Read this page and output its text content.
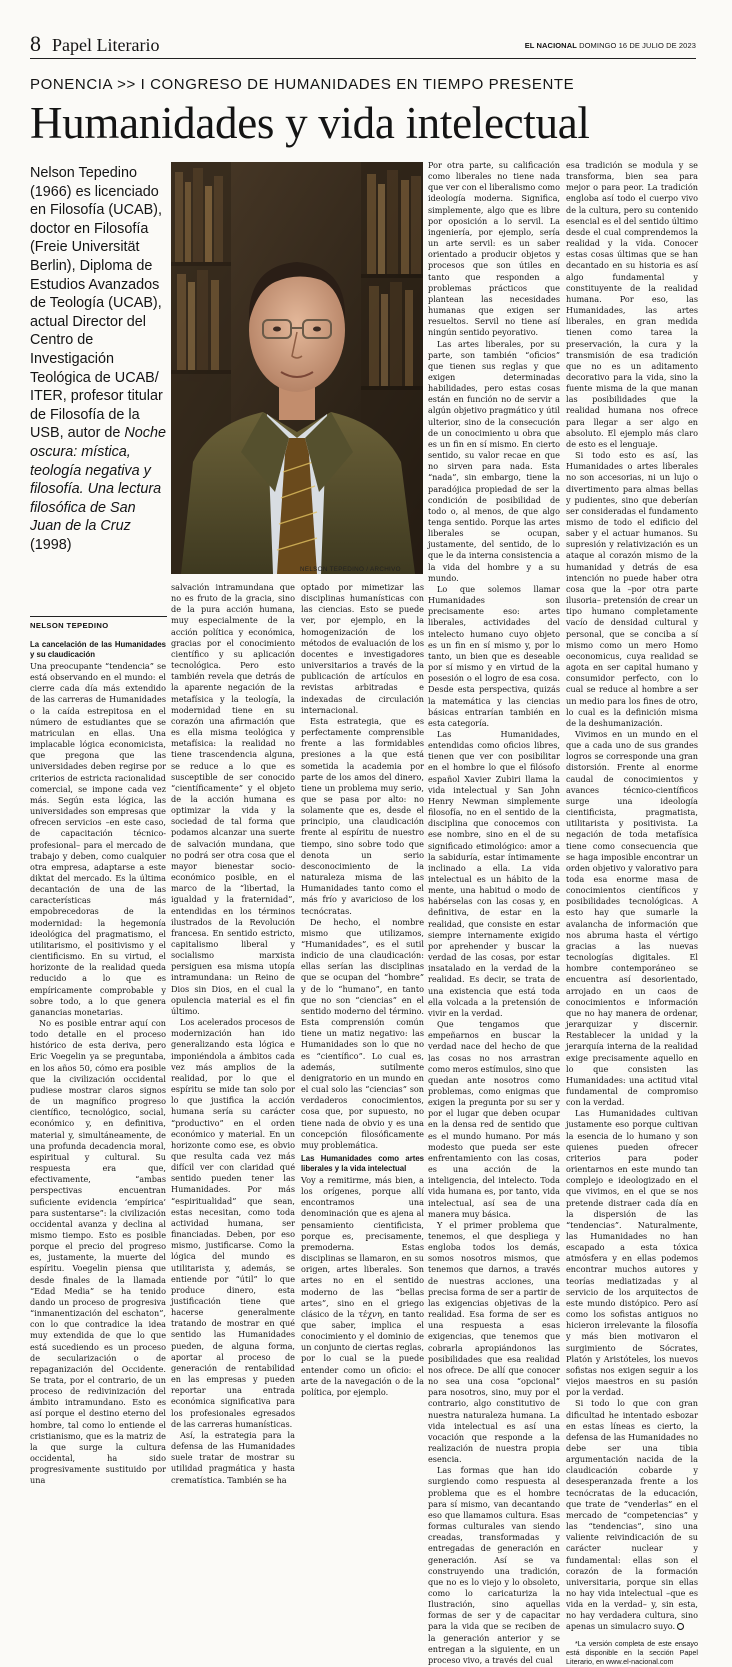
8 Papel Literario	EL NACIONAL DOMINGO 16 DE JULIO DE 2023
PONENCIA >> I CONGRESO DE HUMANIDADES EN TIEMPO PRESENTE
Humanidades y vida intelectual
Nelson Tepedino (1966) es licenciado en Filosofía (UCAB), doctor en Filosofía (Freie Universität Berlin), Diploma de Estudios Avanzados de Teología (UCAB), actual Director del Centro de Investigación Teológica de UCAB/ ITER, profesor titular de Filosofía de la USB, autor de Noche oscura: mística, teología negativa y filosofía. Una lectura filosófica de San Juan de la Cruz (1998)
NELSON TEPEDINO
NELSON TEPEDINO / ARCHIVO

La cancelación de las Humanidades y su claudicación

Una preocupante “tendencia” se está observando en el mundo: el cierre cada día más extendido de las carreras de Humanidades o la caída estrepitosa en el número de estudiantes que se matriculan en ellas. Una implacable lógica economicista, que pregona que las universidades deben regirse por criterios de estricta racionalidad comercial, se impone cada vez más. Según esta lógica, las universidades son empresas que ofrecen servicios –en este caso, de capacitación técnico-profesional– para el mercado de trabajo y deben, como cualquier otra empresa, adaptarse a este diktat del mercado. Es la última decantación de una de las características más empobrecedoras de la modernidad: la hegemonía ideológica del pragmatismo, el utilitarismo, el positivismo y el cientificismo. En su virtud, el horizonte de la realidad queda reducido a lo que es empíricamente comprobable y sobre todo, a lo que genera ganancias monetarias.

No es posible entrar aquí con todo detalle en el proceso histórico de esta deriva, pero Eric Voegelin ya se preguntaba, en los años 50, cómo era posible que la civilización occidental pudiese mostrar claros signos de un magnífico progreso científico, tecnológico, social, económico y, en definitiva, material y, simultáneamente, de una profunda decadencia moral, espiritual y cultural. Su respuesta era que, efectivamente, “ambas perspectivas encuentran suficiente evidencia ‘empírica’ para sustentarse”: la civilización occidental avanza y declina al mismo tiempo. Esto es posible porque el precio del progreso es, justamente, la muerte del espíritu. Voegelin piensa que desde finales de la llamada “Edad Media” se ha tenido dando un proceso de progresiva “inmanentización del eschaton”, con lo que contradice la idea muy extendida de que lo que está sucediendo es un proceso de secularización o de repaganización del Occidente. Se trata, por el contrario, de un proceso de redivinización del ámbito intramundano. Esto es así porque el destino eterno del hombre, tal como lo entiende el cristianismo, que es la matriz de la que surge la cultura occidental, ha sido progresivamente sustituido por una

salvación intramundana que no es fruto de la gracia, sino de la pura acción humana, muy especialmente de la acción política y económica, gracias por el conocimiento científico y su aplicación tecnológica. Pero esto también revela que detrás de la aparente negación de la metafísica y la teología, la modernidad tiene en su corazón una afirmación que es ella misma teológica y metafísica: la realidad no tiene trascendencia alguna, se reduce a lo que es susceptible de ser conocido “científicamente” y el objeto de la acción humana es optimizar la vida y la sociedad de tal forma que podamos alcanzar una suerte de salvación mundana, que no podrá ser otra cosa que el mayor bienestar socio-económico posible, en el marco de la “libertad, la igualdad y la fraternidad”, entendidas en los términos ilustrados de la Revolución francesa. En sentido estricto, capitalismo liberal y socialismo marxista persiguen esa misma utopía intramundana: un Reino de Dios sin Dios, en el cual la opulencia material es el fin último.

Los acelerados procesos de modernización han ido generalizando esta lógica e imponiéndola a ámbitos cada vez más amplios de la realidad, por lo que el espíritu se mide tan solo por lo que justifica la acción humana sería su carácter “productivo” en el orden económico y material. En un horizonte como ese, es obvio que resulta cada vez más difícil ver con claridad qué sentido pueden tener las Humanidades. Por más “espiritualidad” que sean, estas necesitan, como toda actividad humana, ser financiadas. Deben, por eso mismo, justificarse. Como la lógica del mundo es utilitarista y, además, se entiende por “útil” lo que produce dinero, esta justificación tiene que hacerse generalmente tratando de mostrar en qué sentido las Humanidades pueden, de alguna forma, aportar al proceso de generación de rentabilidad en las empresas y pueden reportar una entrada económica significativa para los profesionales egresados de las carreras humanísticas.

Así, la estrategia para la defensa de las Humanidades suele tratar de mostrar su utilidad pragmática y hasta crematística. También se ha

optado por mimetizar las disciplinas humanísticas con las ciencias. Esto se puede ver, por ejemplo, en la homogenización de los métodos de evaluación de los docentes e investigadores universitarios a través de la publicación de artículos en revistas arbitradas e indexadas de circulación internacional.

Esta estrategia, que es perfectamente comprensible frente a las formidables presiones a la que está sometida la academia por parte de los amos del dinero, tiene un problema muy serio, que se pasa por alto: no solamente que es, desde el principio, una claudicación frente al espíritu de nuestro tiempo, sino sobre todo que denota un serio desconocimiento de la naturaleza misma de las Humanidades tanto como el más frío y avaricioso de los tecnócratas.

De hecho, el nombre mismo que utilizamos, “Humanidades”, es el sutil indicio de una claudicación: ellas serían las disciplinas que se ocupan del “hombre” y de lo “humano”, en tanto que no son “ciencias” en el sentido moderno del término. Esta comprensión común tiene un matiz negativo: las Humanidades son lo que no es “científico”. Lo cual es, además, sutilmente denigratorio en un mundo en el cual solo las “ciencias” son verdaderos conocimientos, cosa que, por supuesto, no tiene nada de obvio y es una concepción filosóficamente muy problemática.

Las Humanidades como artes liberales y la vida intelectual

Voy a remitirme, más bien, a los orígenes, porque allí encontramos una denominación que es ajena al pensamiento cientificista, porque es, precisamente, premoderna. Estas disciplinas se llamaron, en su origen, artes liberales. Son artes no en el sentido moderno de las “bellas artes”, sino en el griego clásico de la τέχνη, en tanto que saber, implica el conocimiento y el dominio de un conjunto de ciertas reglas, por lo cual se la puede entender como un oficio: el arte de la navegación o de la política, por ejemplo.

Por otra parte, su calificación como liberales no tiene nada que ver con el liberalismo como ideología moderna. Significa, simplemente, algo que es libre por oposición a lo servil. La ingeniería, por ejemplo, sería un arte servil: es un saber orientado a producir objetos y procesos que son útiles en tanto que responden a problemas prácticos que plantean las necesidades humanas que exigen ser resueltos. Servil no tiene así ningún sentido peyorativo.

Las artes liberales, por su parte, son también “oficios” que tienen sus reglas y que exigen determinadas habilidades, pero estas cosas están en función no de servir a algún objetivo pragmático y útil ulterior, sino de la consecución de un conocimiento u obra que es un fin en sí mismo. En cierto sentido, su valor recae en que no sirven para nada. Esta “nada”, sin embargo, tiene la paradójica propiedad de ser la condición de posibilidad de todo o, al menos, de que algo tenga sentido. Porque las artes liberales se ocupan, justamente, del sentido, de lo que le da interna consistencia a la vida del hombre y a su mundo.

Lo que solemos llamar Humanidades son precisamente eso: artes liberales, actividades del intelecto humano cuyo objeto es un fin en sí mismo y, por lo tanto, un bien que es deseable por sí mismo y en virtud de la posesión o el logro de esa cosa. Desde esta perspectiva, quizás la matemática y las ciencias básicas entrarían también en esta categoría.

Las Humanidades, entendidas como oficios libres, tienen que ver con posibilitar en el hombre lo que el filósofo español Xavier Zubiri llama la vida intelectual y San John Henry Newman simplemente filosofía, no en el sentido de la disciplina que conocemos con ese nombre, sino en el de su significado etimológico: amor a la sabiduría, estar íntimamente inclinado a ella. La vida intelectual es un hábito de la mente, una habitud o modo de habérselas con las cosas y, en definitiva, de estar en la realidad, que consiste en estar siempre internamente exigido por aprehender y buscar la verdad de las cosas, por estar insatalado en la verdad de la realidad. Es decir, se trata de una existencia que está toda ella volcada a la pretensión de vivir en la verdad.

Que tengamos que empeñarnos en buscar la verdad nace del hecho de que las cosas no nos arrastran como meros estímulos, sino que quedan ante nosotros como problemas, como enigmas que exigen la pregunta por su ser y por el lugar que deben ocupar en la densa red de sentido que es el mundo humano. Por más modesto que pueda ser este enfrentamiento con las cosas, es una acción de la inteligencia, del intelecto. Toda vida humana es, por tanto, vida intelectual, así sea de una manera muy básica.

Y el primer problema que tenemos, el que despliega y engloba todos los demás, somos nosotros mismos, que tenemos que darnos, a través de nuestras acciones, una precisa forma de ser a partir de las exigencias objetivas de la realidad. Esa forma de ser es una respuesta a esas exigencias, que tenemos que cobrarla apropiándonos las posibilidades que esa realidad nos ofrece. De allí que conocer no sea una cosa “opcional” para nosotros, sino, muy por el contrario, algo constitutivo de nuestra naturaleza humana. La vida intelectual es así una vocación que responde a la realización de nuestra propia esencia.

Las formas que han ido surgiendo como respuesta al problema que es el hombre para sí mismo, van decantando eso que llamamos cultura. Esas formas culturales van siendo creadas, transformadas y entregadas de generación en generación. Así se va construyendo una tradición, que no es lo viejo y lo obsoleto, como lo caricaturiza la Ilustración, sino aquellas formas de ser y de capacitar para la vida que se reciben de la generación anterior y se entregan a la siguiente, en un proceso vivo, a través del cual

esa tradición se modula y se transforma, bien sea para mejor o para peor. La tradición engloba así todo el cuerpo vivo de la cultura, pero su contenido esencial es el del sentido último desde el cual comprendemos la realidad y la vida. Conocer estas cosas últimas que se han decantado en su historia es así algo fundamental y constituyente de la realidad humana. Por eso, las Humanidades, las artes liberales, en gran medida tienen como tarea la preservación, la cura y la transmisión de esa tradición que no es un aditamento decorativo para la vida, sino la fuente misma de la que manan las posibilidades que la realidad humana nos ofrece para llegar a ser algo en absoluto. El ejemplo más claro de esto es el lenguaje.

Si todo esto es así, las Humanidades o artes liberales no son accesorias, ni un lujo o divertimento para almas bellas y pudientes, sino que deberían ser consideradas el fundamento mismo de todo el edificio del saber y el actuar humanos. Su supresión y relativización es un ataque al corazón mismo de la humanidad y detrás de esa intención no puede haber otra cosa que la –por otra parte ilusoria– pretensión de crear un tipo humano completamente vacío de densidad cultural y personal, que se conciba a sí mismo como un mero Homo oeconomicus, cuya realidad se agota en ser capital humano y consumidor perfecto, con lo cual se reduce al hombre a ser un medio para los fines de otro, lo cual es la definición misma de la deshumanización.

Vivimos en un mundo en el que a cada uno de sus grandes logros se corresponde una gran distorsión. Frente al enorme caudal de conocimientos y avances técnico-científicos surge una ideología cientificista, pragmatista, utilitarista y positivista. La negación de toda metafísica tiene como consecuencia que se haga imposible encontrar un orden objetivo y valorativo para toda esa enorme masa de conocimientos científicos y posibilidades tecnológicas. A esto hay que sumarle la avalancha de información que nos abruma hasta el vértigo gracias a las nuevas tecnologías digitales. El hombre contemporáneo se encuentra así desorientado, arrojado en un caos de conocimientos e información que no hay manera de ordenar, jerarquizar y discernir. Restablecer la unidad y la jerarquía interna de la realidad exige precisamente aquello en lo que consisten las Humanidades: una actitud vital fundamental de compromiso con la verdad.

Las Humanidades cultivan justamente eso porque cultivan la esencia de lo humano y son quienes pueden ofrecer criterios para poder orientarnos en este mundo tan complejo e ideologizado en el que vivimos, en el que se nos pretende distraer cada día en la dispersión de las “tendencias”. Naturalmente, las Humanidades no han escapado a esta tóxica atmósfera y en ellas podemos encontrar muchos autores y teorías mediatizadas y al servicio de los arquitectos de este mundo distópico. Pero así como los sofistas antiguos no hicieron irrelevante la filosofía y más bien motivaron el surgimiento de Sócrates, Platón y Aristóteles, los nuevos sofistas nos exigen seguir a los viejos maestros en su pasión por la verdad.

Si todo lo que con gran dificultad he intentado esbozar en estas líneas es cierto, la defensa de las Humanidades no debe ser una tibia argumentación nacida de la claudicación cobarde y desesperanzada frente a los tecnócratas de la educación, que trate de “venderlas” en el mercado de “competencias” y las “tendencias”, sino una valiente reivindicación de su carácter nuclear y fundamental: ellas son el corazón de la formación universitaria, porque sin ellas no hay vida intelectual –que es vida en la verdad– y, sin esta, no hay verdadera cultura, sino apenas un simulacro suyo.

*La versión completa de este ensayo está disponible en la sección Papel Literario, en www.el-nacional.com
